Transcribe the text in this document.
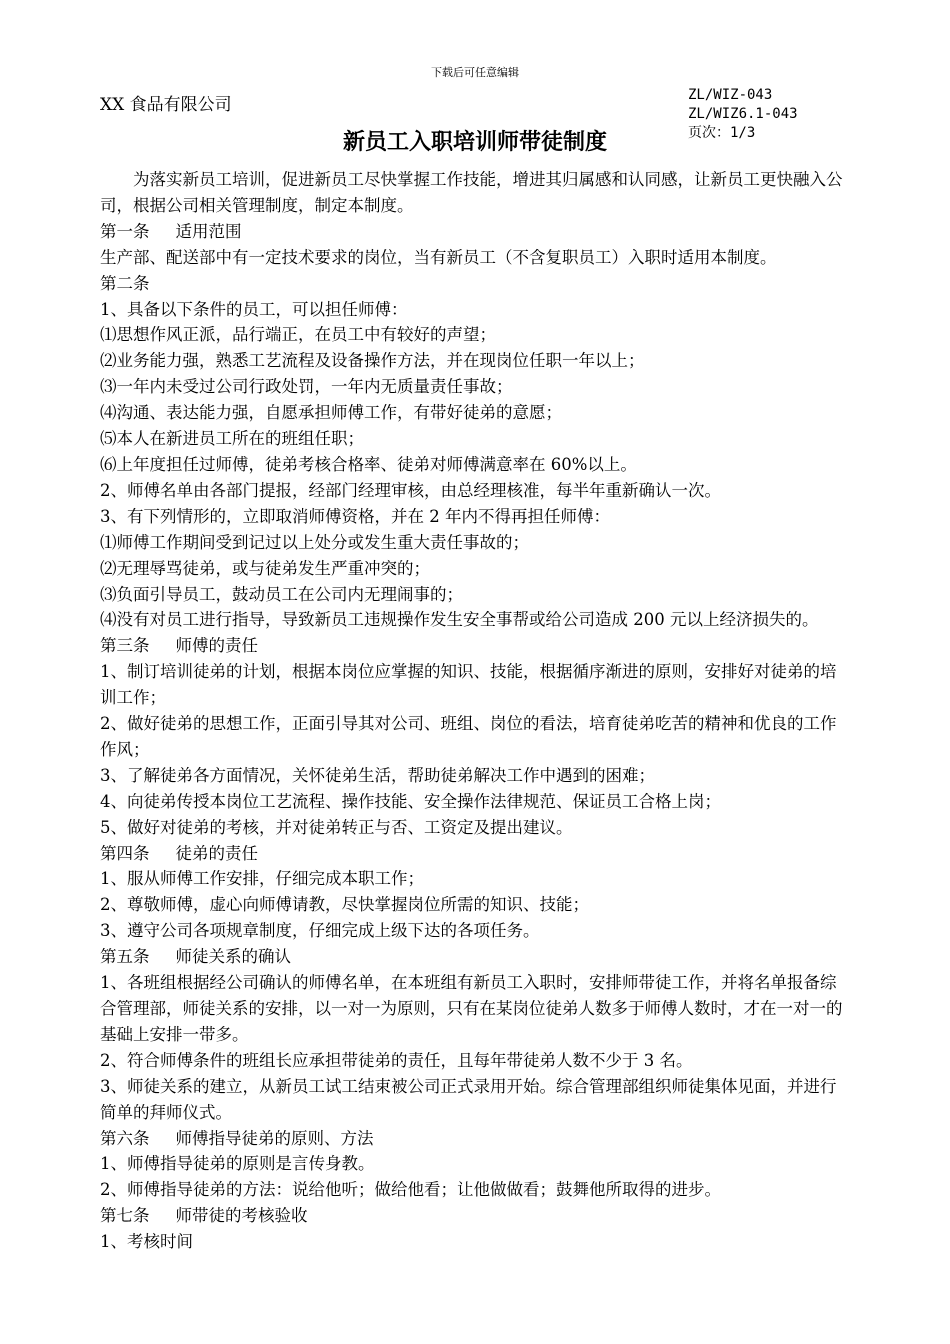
下载后可任意编辑
XX 食品有限公司	ZL/WIZ-043
ZL/WIZ6.1-043
页次：1/3
新员工入职培训师带徒制度

为落实新员工培训，促进新员工尽快掌握工作技能，增进其归属感和认同感，让新员工更快融入公司，根据公司相关管理制度，制定本制度。

第一条 适用范围

生产部、配送部中有一定技术要求的岗位，当有新员工（不含复职员工）入职时适用本制度。

第二条

1、具备以下条件的员工，可以担任师傅：

⑴思想作风正派，品行端正，在员工中有较好的声望；

⑵业务能力强，熟悉工艺流程及设备操作方法，并在现岗位任职一年以上；

⑶一年内未受过公司行政处罚，一年内无质量责任事故；

⑷沟通、表达能力强，自愿承担师傅工作，有带好徒弟的意愿；

⑸本人在新进员工所在的班组任职；

⑹上年度担任过师傅，徒弟考核合格率、徒弟对师傅满意率在 60%以上。

2、师傅名单由各部门提报，经部门经理审核，由总经理核准，每半年重新确认一次。

3、有下列情形的，立即取消师傅资格，并在 2 年内不得再担任师傅：

⑴师傅工作期间受到记过以上处分或发生重大责任事故的；

⑵无理辱骂徒弟，或与徒弟发生严重冲突的；

⑶负面引导员工，鼓动员工在公司内无理闹事的；

⑷没有对员工进行指导，导致新员工违规操作发生安全事帮或给公司造成 200 元以上经济损失的。

第三条 师傅的责任

1、制订培训徒弟的计划，根据本岗位应掌握的知识、技能，根据循序渐进的原则，安排好对徒弟的培训工作；

2、做好徒弟的思想工作，正面引导其对公司、班组、岗位的看法，培育徒弟吃苦的精神和优良的工作作风；

3、了解徒弟各方面情况，关怀徒弟生活，帮助徒弟解决工作中遇到的困难；

4、向徒弟传授本岗位工艺流程、操作技能、安全操作法律规范、保证员工合格上岗；

5、做好对徒弟的考核，并对徒弟转正与否、工资定及提出建议。

第四条 徒弟的责任

1、服从师傅工作安排，仔细完成本职工作；

2、尊敬师傅，虚心向师傅请教，尽快掌握岗位所需的知识、技能；

3、遵守公司各项规章制度，仔细完成上级下达的各项任务。

第五条 师徒关系的确认

1、各班组根据经公司确认的师傅名单，在本班组有新员工入职时，安排师带徒工作，并将名单报备综合管理部，师徒关系的安排，以一对一为原则，只有在某岗位徒弟人数多于师傅人数时，才在一对一的基础上安排一带多。

2、符合师傅条件的班组长应承担带徒弟的责任，且每年带徒弟人数不少于 3 名。

3、师徒关系的建立，从新员工试工结束被公司正式录用开始。综合管理部组织师徒集体见面，并进行简单的拜师仪式。

第六条 师傅指导徒弟的原则、方法

1、师傅指导徒弟的原则是言传身教。

2、师傅指导徒弟的方法：说给他听；做给他看；让他做做看；鼓舞他所取得的进步。

第七条 师带徒的考核验收

1、考核时间
